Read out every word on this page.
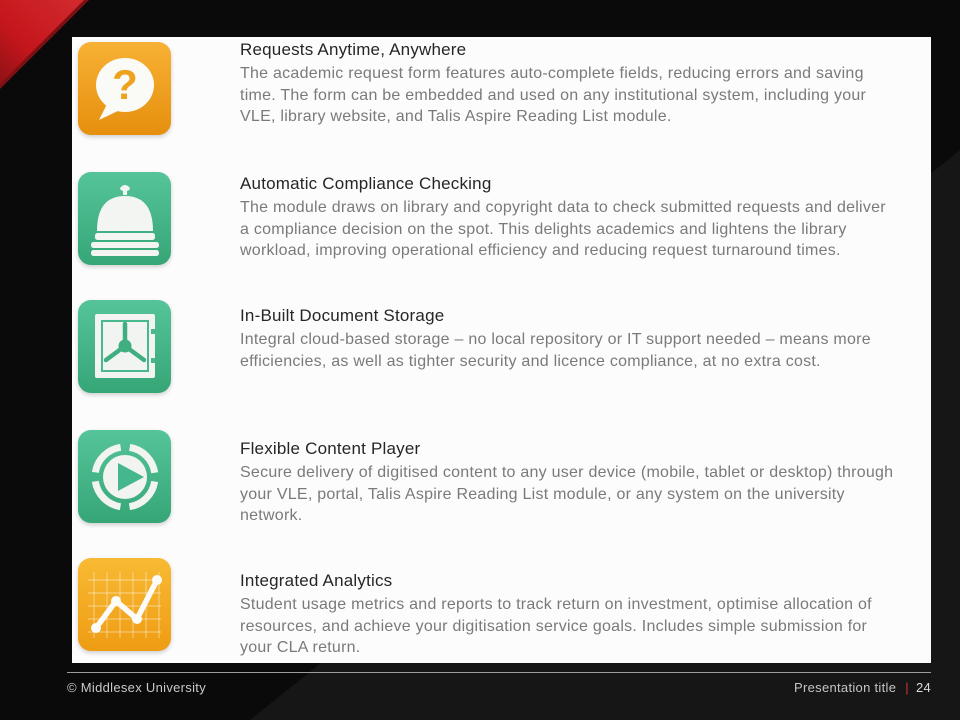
?
Requests Anytime, Anywhere

The academic request form features auto-complete fields, reducing errors and saving time. The form can be embedded and used on any institutional system, including your VLE, library website, and Talis Aspire Reading List module.

Automatic Compliance Checking

The module draws on library and copyright data to check submitted requests and deliver a compliance decision on the spot. This delights academics and lightens the library workload, improving operational efficiency and reducing request turnaround times.

In-Built Document Storage

Integral cloud-based storage – no local repository or IT support needed – means more efficiencies, as well as tighter security and licence compliance, at no extra cost.

Flexible Content Player

Secure delivery of digitised content to any user device (mobile, tablet or desktop) through your VLE, portal, Talis Aspire Reading List module, or any system on the university network.

Integrated Analytics

Student usage metrics and reports to track return on investment, optimise allocation of resources, and achieve your digitisation service goals. Includes simple submission for your CLA return.

© Middlesex University	Presentation title | 24
